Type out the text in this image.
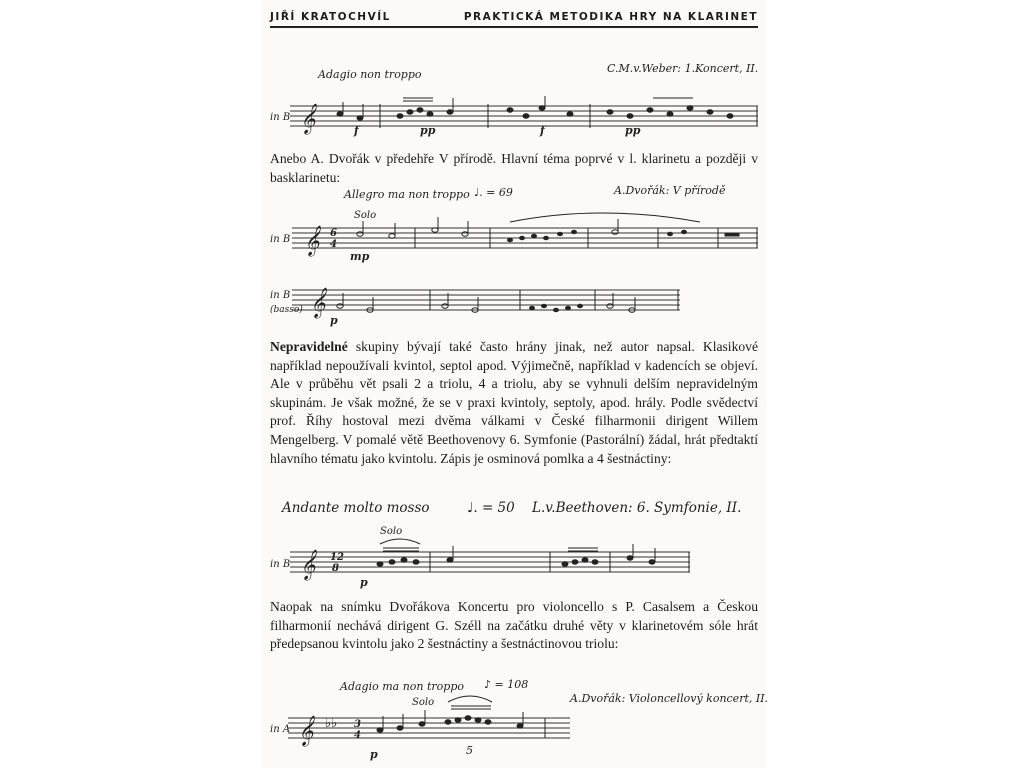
JIŘÍ KRATOCHVÍL	PRAKTICKÁ METODIKA HRY NA KLARINET
Adagio non troppo	C.M.v.Weber: 1.Koncert, II.
in B 𝄞	f	pp	f	pp

Anebo A. Dvořák v předehře V přírodě. Hlavní téma poprvé v l. klarinetu a později v basklarinetu:

Allegro ma non troppo ♩. = 69	A.Dvořák: V přírodě
Solo
in B 𝄞 6
4
mp
in B
(basso) 𝄞
p
Nepravidelné skupiny bývají také často hrány jinak, než autor napsal. Klasikové například nepoužívali kvintol, septol apod. Výjimečně, například v kadencích se objeví. Ale v průběhu vět psali 2 a triolu, 4 a triolu, aby se vyhnuli delším nepravidelným skupinám. Je však možné, že se v praxi kvintoly, septoly, apod. hrály. Podle svědectví prof. Říhy hostoval mezi dvěma válkami v České filharmonii dirigent Willem Mengelberg. V pomalé větě Beethovenovy 6. Symfonie (Pastorální) žádal, hrát předtaktí hlavního tématu jako kvintolu. Zápis je osminová pomlka a 4 šestnáctiny:
Andante molto mosso	♩. = 50 L.v.Beethoven: 6. Symfonie, II.
Solo
in B 𝄞 12
8
p

Naopak na snímku Dvořákova Koncertu pro violoncello s P. Casalsem a Českou filharmonií nechává dirigent G. Széll na začátku druhé věty v klarinetovém sóle hrát předepsanou kvintolu jako 2 šestnáctiny a šestnáctinovou triolu:

Adagio ma non troppo ♪ = 108
A.Dvořák: Violoncellový koncert, II.
Solo
in A 𝄞 ♭♭ 3
4
5
p
